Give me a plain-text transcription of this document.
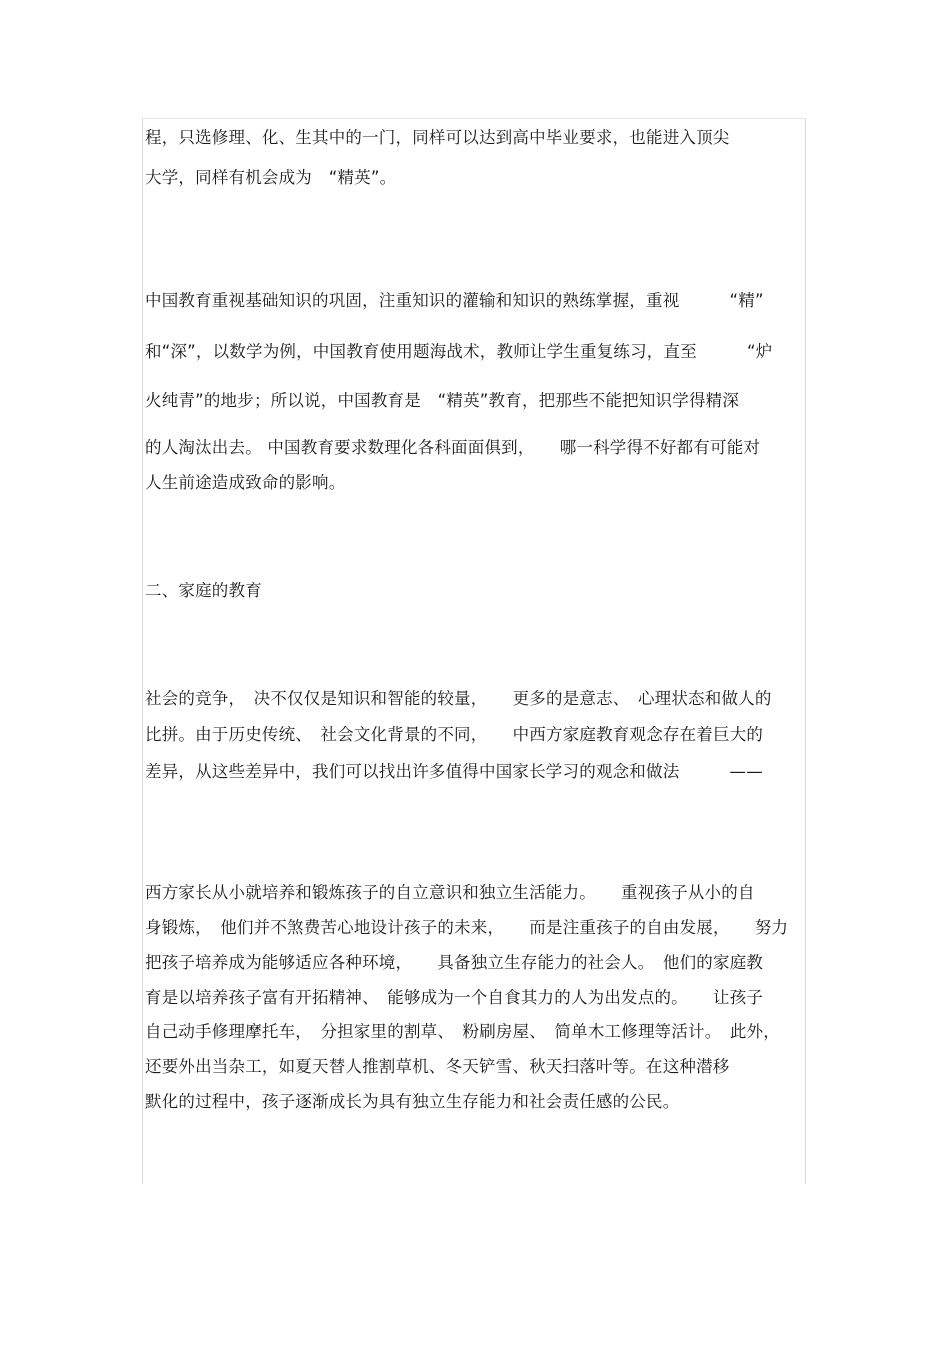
程，只选修理、化、生其中的一门，同样可以达到高中毕业要求，也能进入顶尖
大学，同样有机会成为　“精英”。
中国教育重视基础知识的巩固，注重知识的灌输和知识的熟练掌握，重视　　　“精”
和“深”，以数学为例，中国教育使用题海战术，教师让学生重复练习，直至　　　“炉
火纯青”的地步；所以说，中国教育是　“精英”教育，把那些不能把知识学得精深
的人淘汰出去。 中国教育要求数理化各科面面俱到，　　哪一科学得不好都有可能对
人生前途造成致命的影响。
二、家庭的教育
社会的竞争，　决不仅仅是知识和智能的较量，　　更多的是意志、　心理状态和做人的
比拼。由于历史传统、　社会文化背景的不同，　　中西方家庭教育观念存在着巨大的
差异，从这些差异中，我们可以找出许多值得中国家长学习的观念和做法　　　——
西方家长从小就培养和锻炼孩子的自立意识和独立生活能力。　　重视孩子从小的自
身锻炼，　他们并不煞费苦心地设计孩子的未来，　　而是注重孩子的自由发展，　　努力
把孩子培养成为能够适应各种环境，　　具备独立生存能力的社会人。　他们的家庭教
育是以培养孩子富有开拓精神、　能够成为一个自食其力的人为出发点的。　　让孩子
自己动手修理摩托车，　分担家里的割草、　粉刷房屋、　简单木工修理等活计。　此外，
还要外出当杂工，如夏天替人推割草机、冬天铲雪、秋天扫落叶等。在这种潜移
默化的过程中，孩子逐渐成长为具有独立生存能力和社会责任感的公民。
